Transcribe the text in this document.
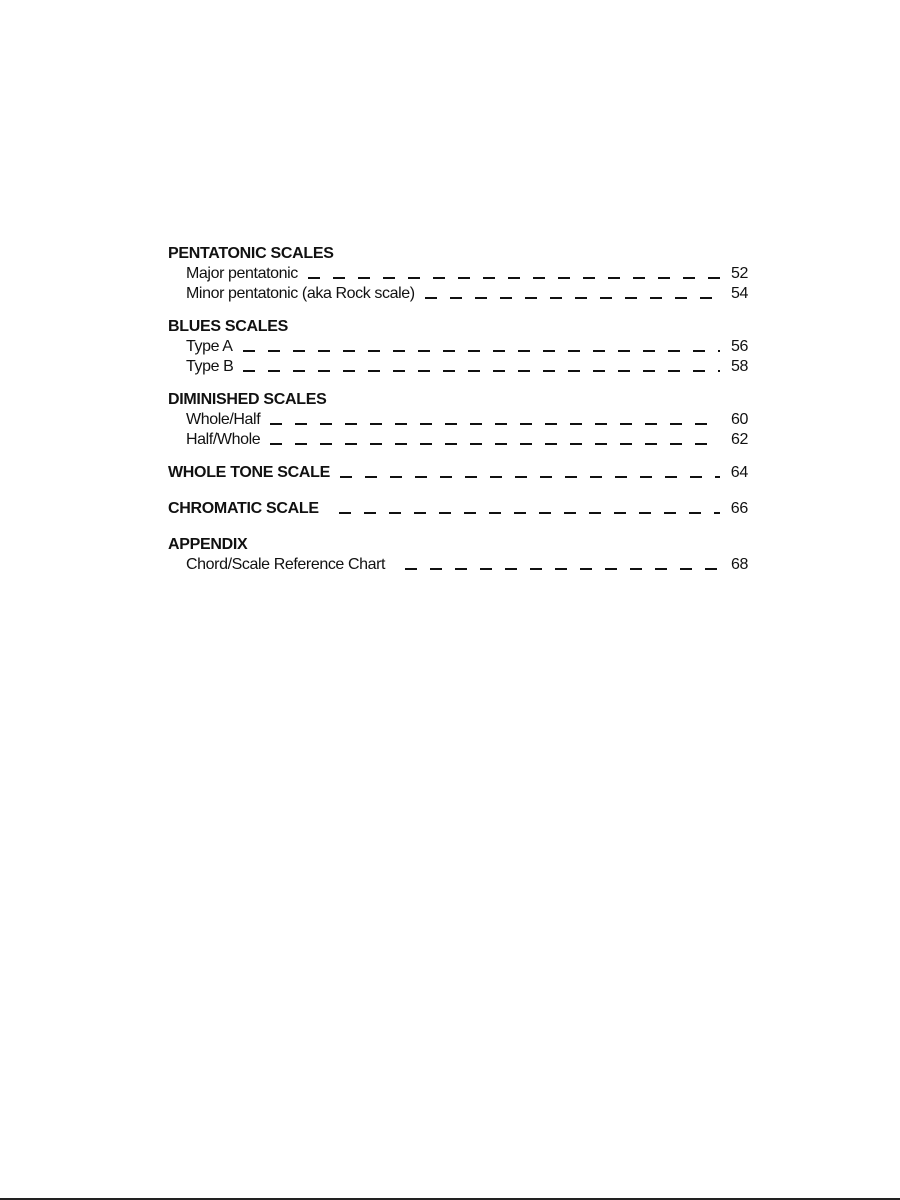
PENTATONIC SCALES
Major pentatonic	52
Minor pentatonic (aka Rock scale)	54
BLUES SCALES
Type A	56
Type B	58
DIMINISHED SCALES
Whole/Half	60
Half/Whole	62
WHOLE TONE SCALE	64
CHROMATIC SCALE	66
APPENDIX
Chord/Scale Reference Chart	68
